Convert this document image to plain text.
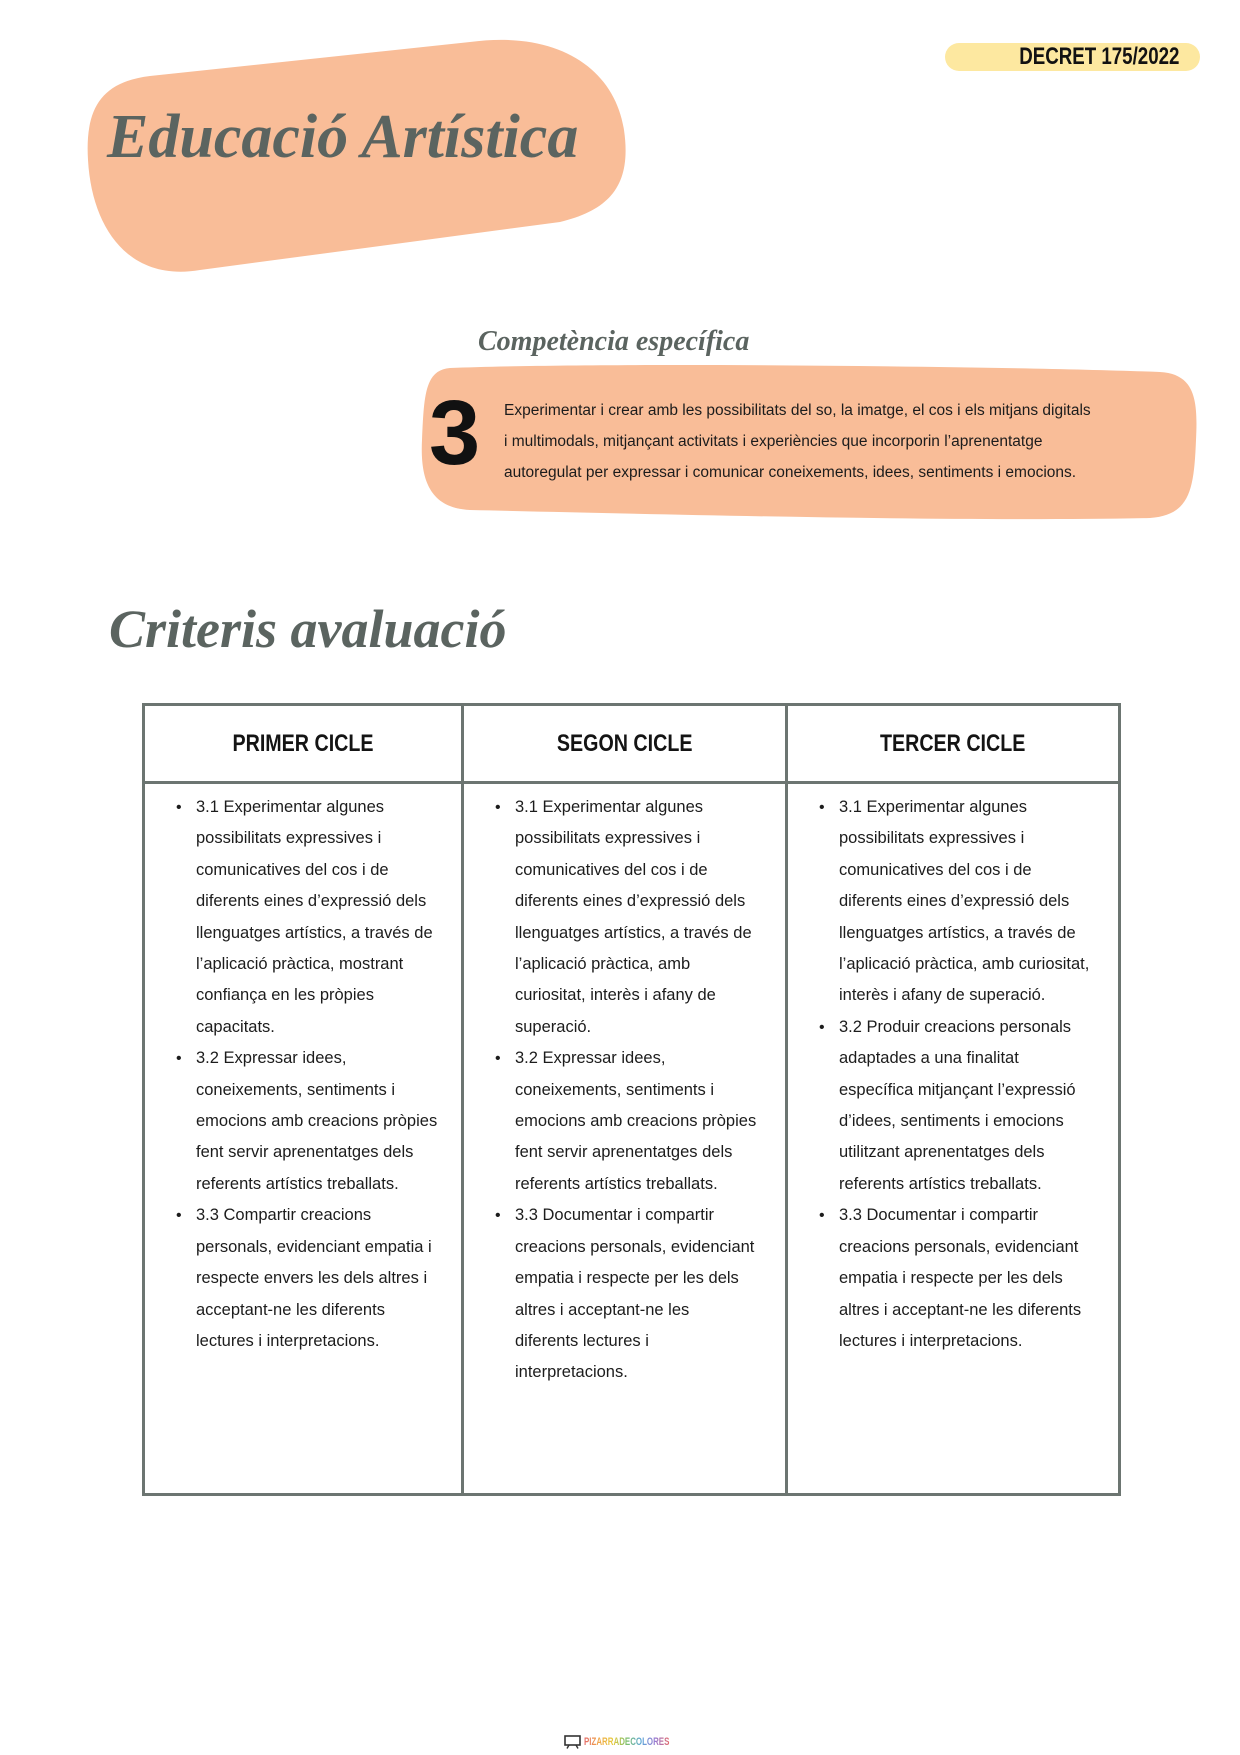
DECRET 175/2022
Educació Artística
Competència específica
3 Experimentar i crear amb les possibilitats del so, la imatge, el cos i els mitjans digitals
i multimodals, mitjançant activitats i experiències que incorporin l’aprenentatge
autoregulat per expressar i comunicar coneixements, idees, sentiments i emocions.

Criteris avaluació
PRIMER CICLE
• 3.1 Experimentar algunes
possibilitats expressives i
comunicatives del cos i de
diferents eines d’expressió dels
llenguatges artístics, a través de
l’aplicació pràctica, mostrant
confiança en les pròpies
capacitats.
• 3.2 Expressar idees,
coneixements, sentiments i
emocions amb creacions pròpies
fent servir aprenentatges dels
referents artístics treballats.
• 3.3 Compartir creacions
personals, evidenciant empatia i
respecte envers les dels altres i
acceptant-ne les diferents
lectures i interpretacions.
SEGON CICLE
• 3.1 Experimentar algunes
possibilitats expressives i
comunicatives del cos i de
diferents eines d’expressió dels
llenguatges artístics, a través de
l’aplicació pràctica, amb
curiositat, interès i afany de
superació.
• 3.2 Expressar idees,
coneixements, sentiments i
emocions amb creacions pròpies
fent servir aprenentatges dels
referents artístics treballats.
• 3.3 Documentar i compartir
creacions personals, evidenciant
empatia i respecte per les dels
altres i acceptant-ne les
diferents lectures i
interpretacions.
TERCER CICLE
• 3.1 Experimentar algunes
possibilitats expressives i
comunicatives del cos i de
diferents eines d’expressió dels
llenguatges artístics, a través de
l’aplicació pràctica, amb curiositat,
interès i afany de superació.
• 3.2 Produir creacions personals
adaptades a una finalitat
específica mitjançant l’expressió
d’idees, sentiments i emocions
utilitzant aprenentatges dels
referents artístics treballats.
• 3.3 Documentar i compartir
creacions personals, evidenciant
empatia i respecte per les dels
altres i acceptant-ne les diferents
lectures i interpretacions.
PIZARRADECOLORES
